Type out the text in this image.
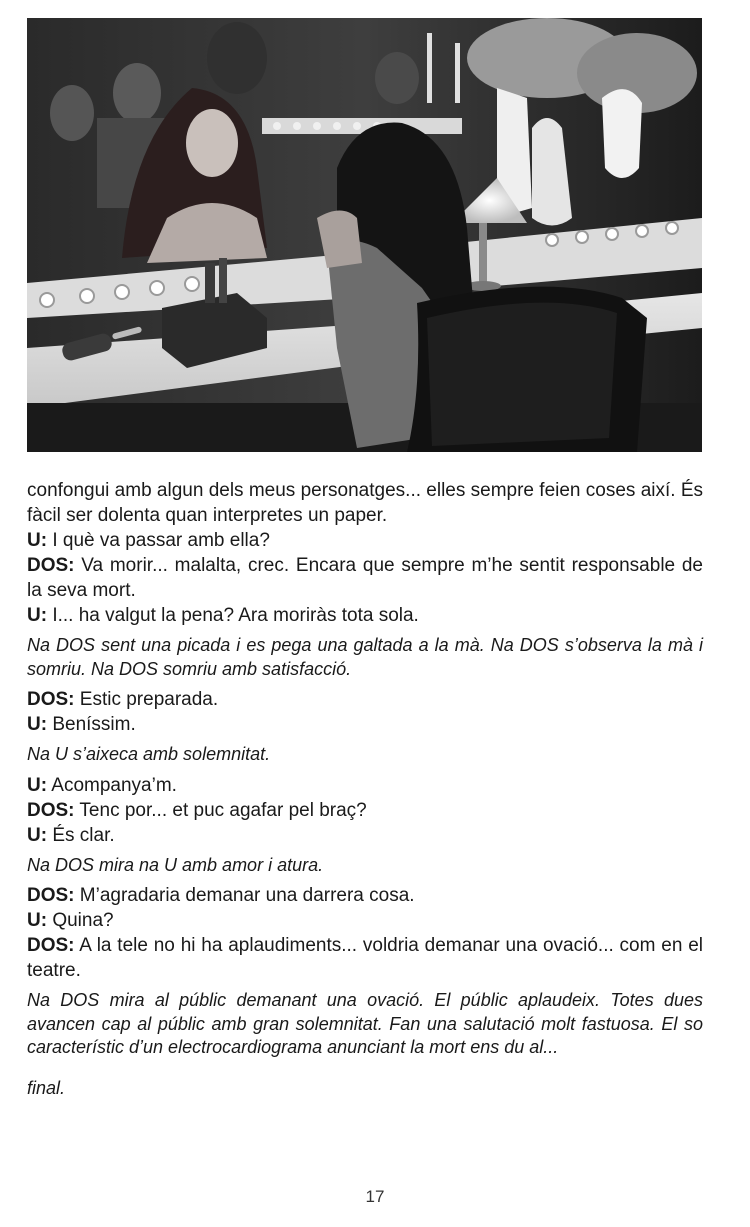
confongui amb algun dels meus personatges... elles sempre feien coses així. És fàcil ser dolenta quan interpretes un paper.

U: I què va passar amb ella?

DOS: Va morir... malalta, crec. Encara que sempre m’he sentit responsable de la seva mort.

U: I... ha valgut la pena? Ara moriràs tota sola.

Na DOS sent una picada i es pega una galtada a la mà. Na DOS s’observa la mà i somriu. Na DOS somriu amb satisfacció.

DOS: Estic preparada.

U: Beníssim.

Na U s’aixeca amb solemnitat.

U: Acompanya’m.

DOS: Tenc por... et puc agafar pel braç?

U: És clar.

Na DOS mira na U amb amor i atura.

DOS: M’agradaria demanar una darrera cosa.

U: Quina?

DOS: A la tele no hi ha aplaudiments... voldria demanar una ovació... com en el teatre.

Na DOS mira al públic demanant una ovació. El públic aplaudeix. Totes dues avancen cap al públic amb gran solemnitat. Fan una salutació molt fastuosa. El so característic d’un electrocardiograma anunciant la mort ens du al...

final.

17
